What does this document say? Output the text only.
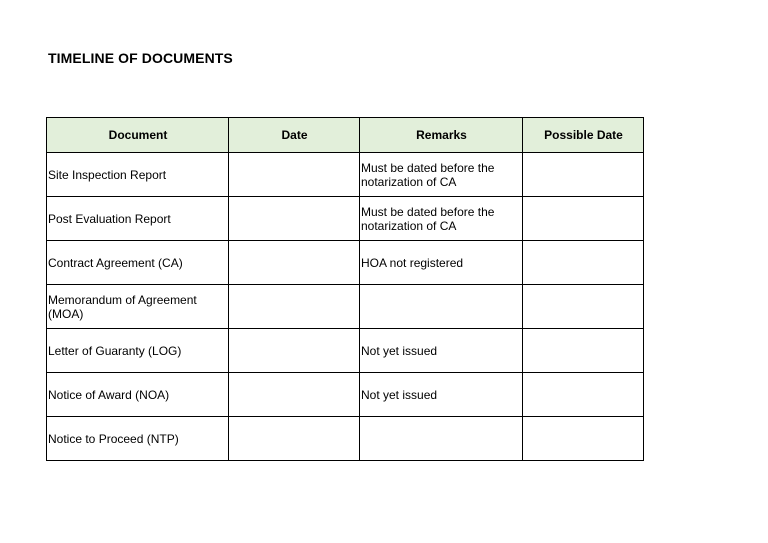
TIMELINE OF DOCUMENTS
Document	Date	Remarks	Possible Date
Site Inspection Report		Must be dated before the notarization of CA	
Post Evaluation Report		Must be dated before the notarization of CA	
Contract Agreement (CA)		HOA not registered	
Memorandum of Agreement (MOA)			
Letter of Guaranty (LOG)		Not yet issued	
Notice of Award (NOA)		Not yet issued	
Notice to Proceed (NTP)			
